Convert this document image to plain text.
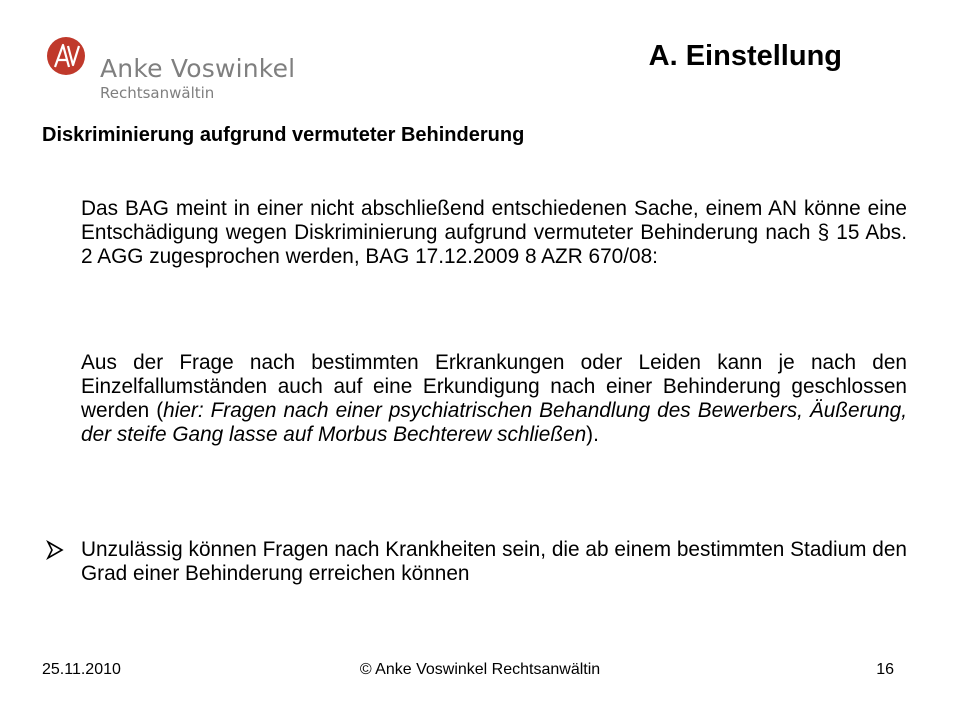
Anke Voswinkel
Rechtsanwältin
A. Einstellung
Diskriminierung aufgrund vermuteter Behinderung
Das BAG meint in einer nicht abschließend entschiedenen Sache, einem AN könne eine Entschädigung wegen Diskriminierung aufgrund vermuteter Behinderung nach § 15 Abs. 2 AGG zugesprochen werden, BAG 17.12.2009 8 AZR 670/08:
Aus der Frage nach bestimmten Erkrankungen oder Leiden kann je nach den Einzelfallumständen auch auf eine Erkundigung nach einer Behinderung geschlossen werden (hier: Fragen nach einer psychiatrischen Behandlung des Bewerbers, Äußerung, der steife Gang lasse auf Morbus Bechterew schließen).
Unzulässig können Fragen nach Krankheiten sein, die ab einem bestimmten Stadium den Grad einer Behinderung erreichen können
25.11.2010	© Anke Voswinkel Rechtsanwältin	16
